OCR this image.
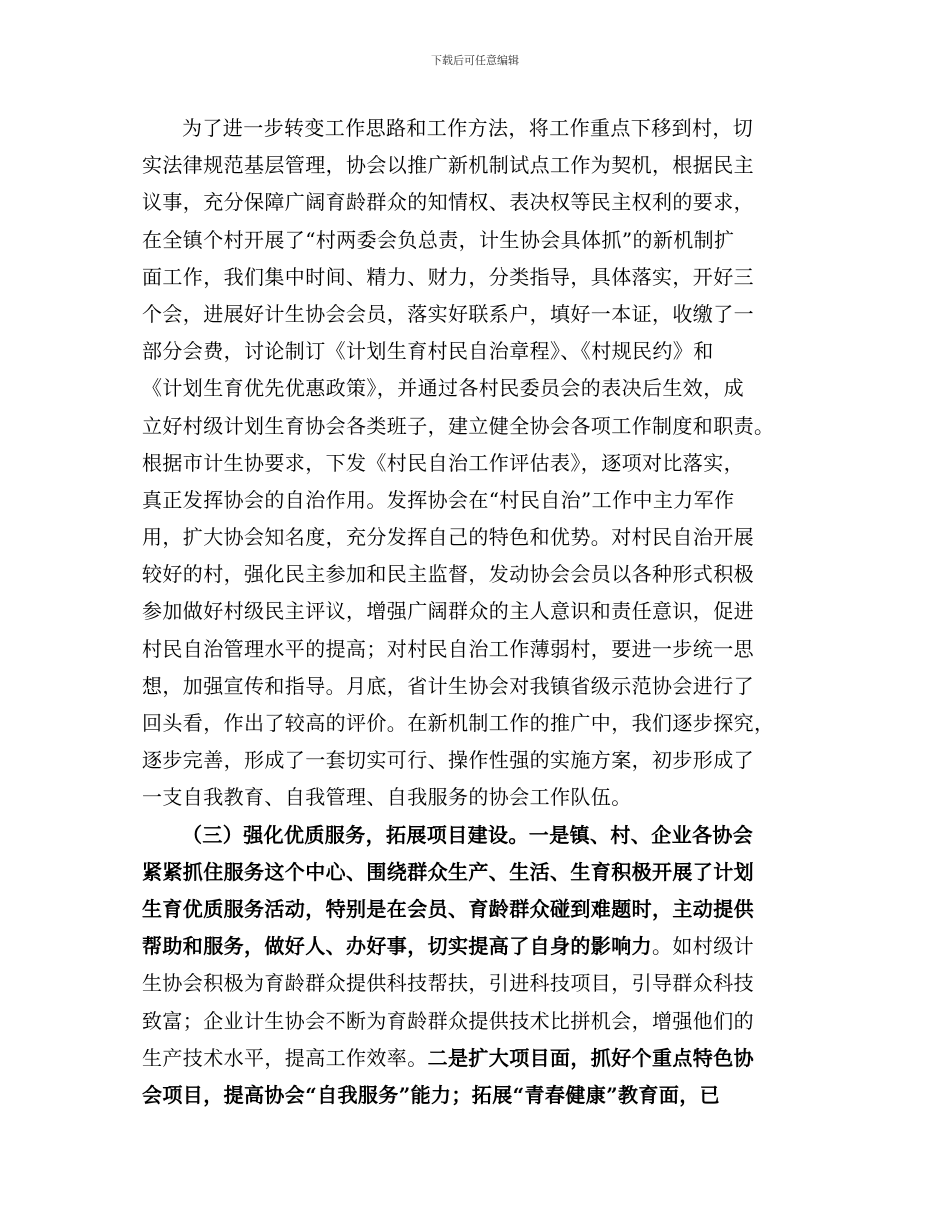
下载后可任意编辑
为了进一步转变工作思路和工作方法，将工作重点下移到村，切
实法律规范基层管理，协会以推广新机制试点工作为契机，根据民主
议事，充分保障广阔育龄群众的知情权、表决权等民主权利的要求，
在全镇个村开展了“村两委会负总责，计生协会具体抓”的新机制扩
面工作，我们集中时间、精力、财力，分类指导，具体落实，开好三
个会，进展好计生协会会员，落实好联系户，填好一本证，收缴了一
部分会费，讨论制订《计划生育村民自治章程》、《村规民约》和
《计划生育优先优惠政策》，并通过各村民委员会的表决后生效，成
立好村级计划生育协会各类班子，建立健全协会各项工作制度和职责。
根据市计生协要求，下发《村民自治工作评估表》，逐项对比落实，
真正发挥协会的自治作用。发挥协会在“村民自治”工作中主力军作
用，扩大协会知名度，充分发挥自己的特色和优势。对村民自治开展
较好的村，强化民主参加和民主监督，发动协会会员以各种形式积极
参加做好村级民主评议，增强广阔群众的主人意识和责任意识，促进
村民自治管理水平的提高；对村民自治工作薄弱村，要进一步统一思
想，加强宣传和指导。月底，省计生协会对我镇省级示范协会进行了
回头看，作出了较高的评价。在新机制工作的推广中，我们逐步探究，
逐步完善，形成了一套切实可行、操作性强的实施方案，初步形成了
一支自我教育、自我管理、自我服务的协会工作队伍。
（三）强化优质服务，拓展项目建设。一是镇、村、企业各协会
紧紧抓住服务这个中心、围绕群众生产、生活、生育积极开展了计划
生育优质服务活动，特别是在会员、育龄群众碰到难题时，主动提供
帮助和服务，做好人、办好事，切实提高了自身的影响力。如村级计
生协会积极为育龄群众提供科技帮扶，引进科技项目，引导群众科技
致富；企业计生协会不断为育龄群众提供技术比拼机会，增强他们的
生产技术水平，提高工作效率。二是扩大项目面，抓好个重点特色协
会项目，提高协会“自我服务”能力；拓展“青春健康”教育面，已
